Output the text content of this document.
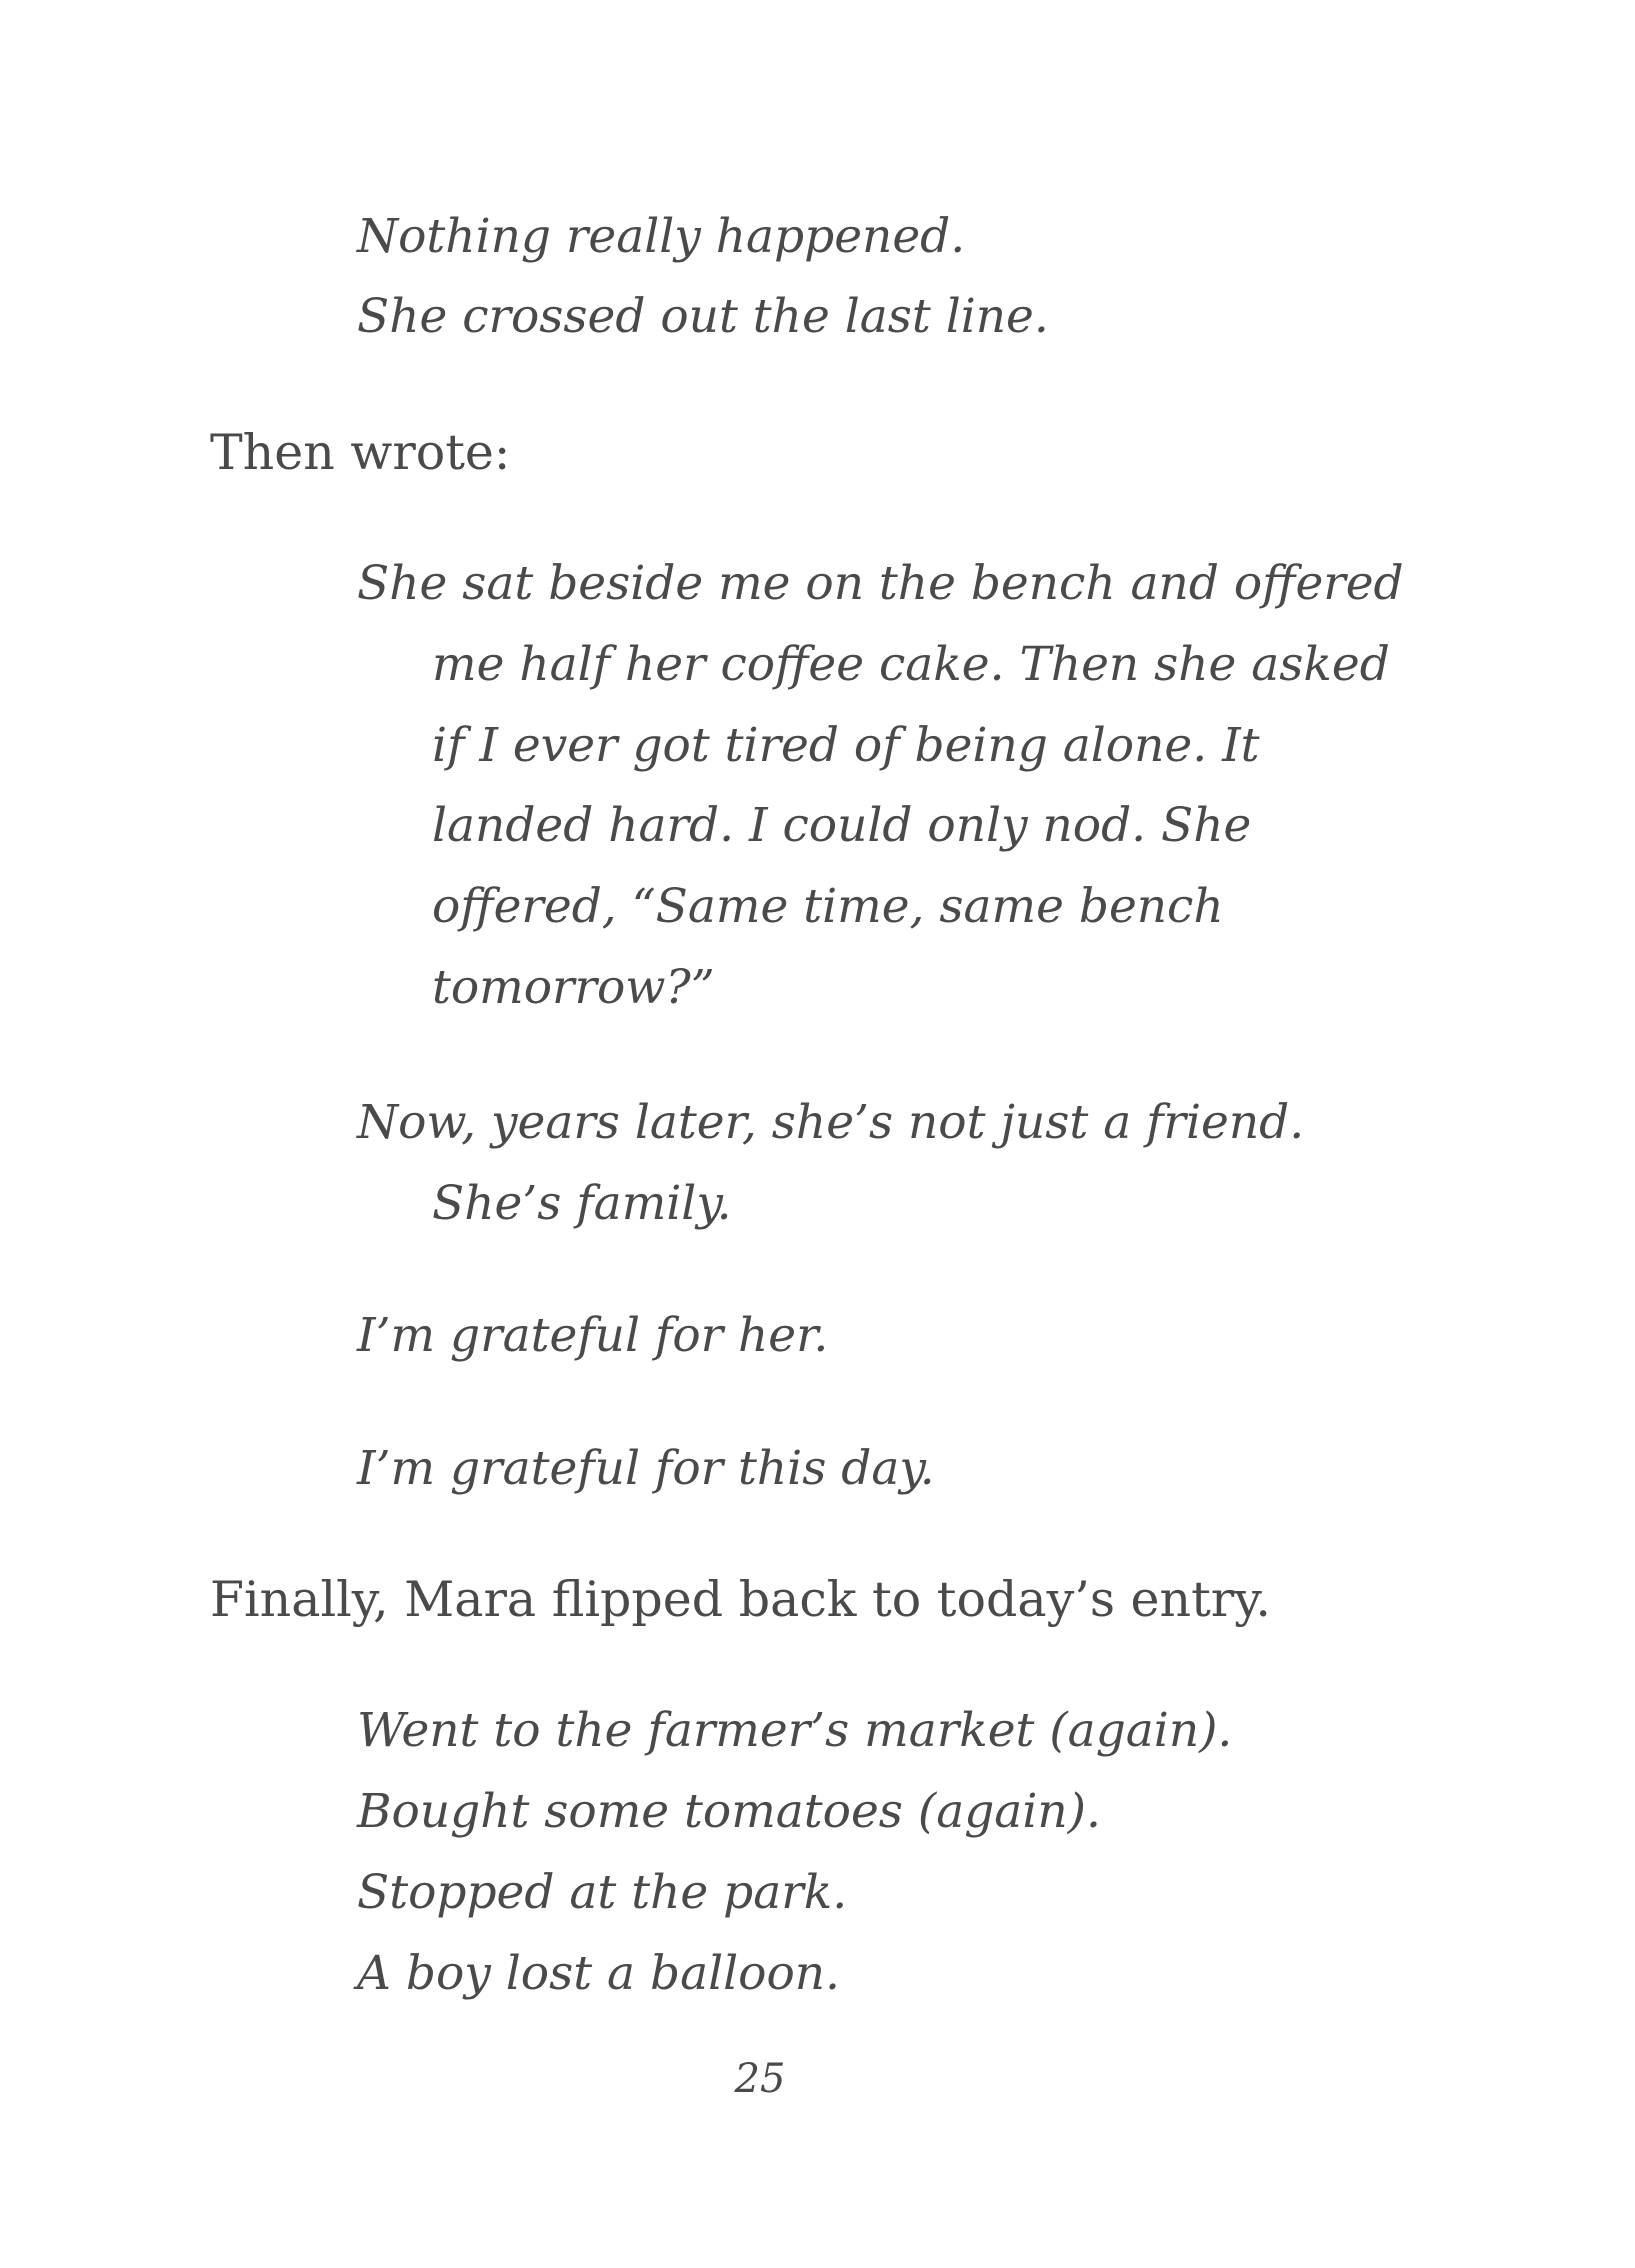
Nothing really happened.
She crossed out the last line.
Then wrote:
She sat beside me on the bench and offered
me half her coffee cake. Then she asked
if I ever got tired of being alone. It
landed hard. I could only nod. She
offered, “Same time, same bench
tomorrow?”
Now, years later, she’s not just a friend.
She’s family.
I’m grateful for her.
I’m grateful for this day.
Finally, Mara flipped back to today’s entry.
Went to the farmer’s market (again).
Bought some tomatoes (again).
Stopped at the park.
A boy lost a balloon.
25
